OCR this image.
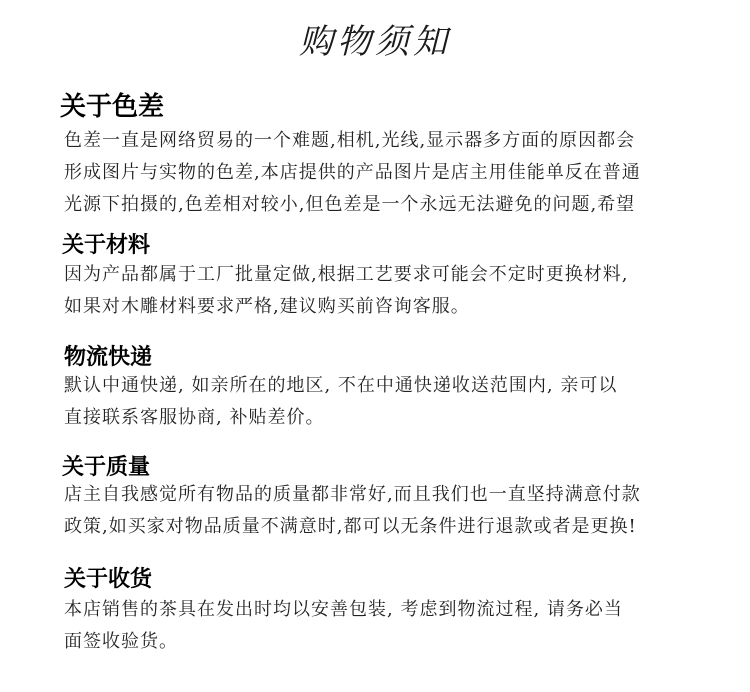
购物须知
关于色差
色差一直是网络贸易的一个难题,相机,光线,显示器多方面的原因都会
形成图片与实物的色差,本店提供的产品图片是店主用佳能单反在普通
光源下拍摄的,色差相对较小,但色差是一个永远无法避免的问题,希望
关于材料
因为产品都属于工厂批量定做,根据工艺要求可能会不定时更换材料,
如果对木雕材料要求严格,建议购买前咨询客服。
物流快递
默认中通快递, 如亲所在的地区, 不在中通快递收送范围内, 亲可以
直接联系客服协商, 补贴差价。
关于质量
店主自我感觉所有物品的质量都非常好,而且我们也一直坚持满意付款
政策,如买家对物品质量不满意时,都可以无条件进行退款或者是更换!
关于收货
本店销售的茶具在发出时均以安善包装, 考虑到物流过程, 请务必当
面签收验货。
